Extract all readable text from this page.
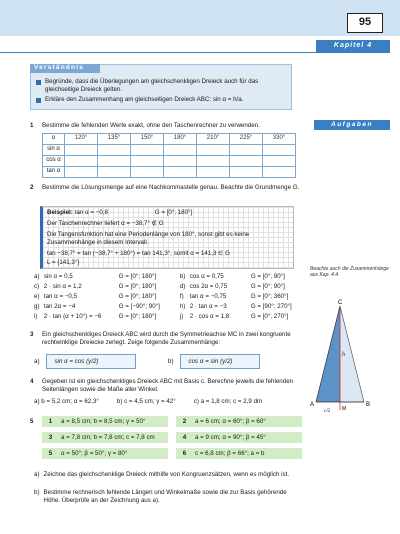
95
Kapitel 4
Verständnis
Begründe, dass die Überlegungen am gleichschenkligen Dreieck auch für das gleichseitige Dreieck gelten.
Erkläre den Zusammenhang am gleichseitigen Dreieck ABC: sin α = h/a.
Aufgaben
1 Bestimme die fehlenden Werte exakt, ohne den Taschenrechner zu verwenden.
α	120°	135°	150°	180°	210°	225°	330°
sin α							
cos α							
tan α							
2 Bestimme die Lösungsmenge auf eine Nachkommastelle genau. Beachte die Grundmenge G.
Beispiel: tan α = −0,8	G = [0°; 180°]
Der Taschenrechner liefert α = −38,7° ∉ G
Die Tangensfunktion hat eine Periodenlänge von 180°, sonst gibt es keine Zusammenhänge in diesem Intervall.
tan −38,7° = tan (−38,7° + 180°) = tan 141,3°, somit α = 141,3 ∈ G
L = {141,3°}
a) sin α = 0,5	G = [0°; 180°]	b) cos α = 0,75	G = [0°; 90°]
c) 2 · sin α = 1,2	G = [0°; 180°]	d) cos 2α = 0,75	G = [0°; 90°]
e) tan α = −0,5	G = [0°; 180°]	f) tan α = −0,75	G = [0°; 360°]
g) tan 2α = −4	G = [−90°; 90°]	h) 2 · tan α = −3	G = [90°; 270°]
i)	2 · tan (α + 10°) = −6	G = [0°; 180°]	j)	2 · cos α = 1,8	G = [0°; 270°]
Beachte auch die Zusammenhänge aus Kap. 4.4.
3 Ein gleichschenkliges Dreieck ABC wird durch die Symmetrieachse MC in zwei kongruente rechtwinklige Dreiecke zerlegt. Zeige folgende Zusammenhänge:
a)	sin α = cos (γ/2)	b)	cos α = sin (γ/2)
C
A	B
M
h
a
c/2
4 Gegeben ist ein gleichschenkliges Dreieck ABC mit Basis c. Berechne jeweils die fehlenden Seitenlängen sowie die Maße aller Winkel.
a) b = 5,2 cm; α = 62,3°	b) c = 4,5 cm; γ = 42°	c) a = 1,8 cm; c = 2,9 dm
5	1	a = 8,5 cm; b = 8,5 cm; γ = 50°	2	a = 6 cm; α = 60°; β = 60°
3	a = 7,8 cm; b = 7,8 cm; c = 7,8 cm	4	a = 9 cm; α = 90°; β = 45°
5	α = 50°; β = 50°; γ = 80°	6	c = 6,8 cm; β = 66°; a = b
a) Zeichne das gleichschenklige Dreieck mithilfe von Kongruenzsätzen, wenn es möglich ist.
b) Bestimme rechnerisch fehlende Längen und Winkelmaße sowie die zur Basis gehörende Höhe. Überprüfe an der Zeichnung aus a).
